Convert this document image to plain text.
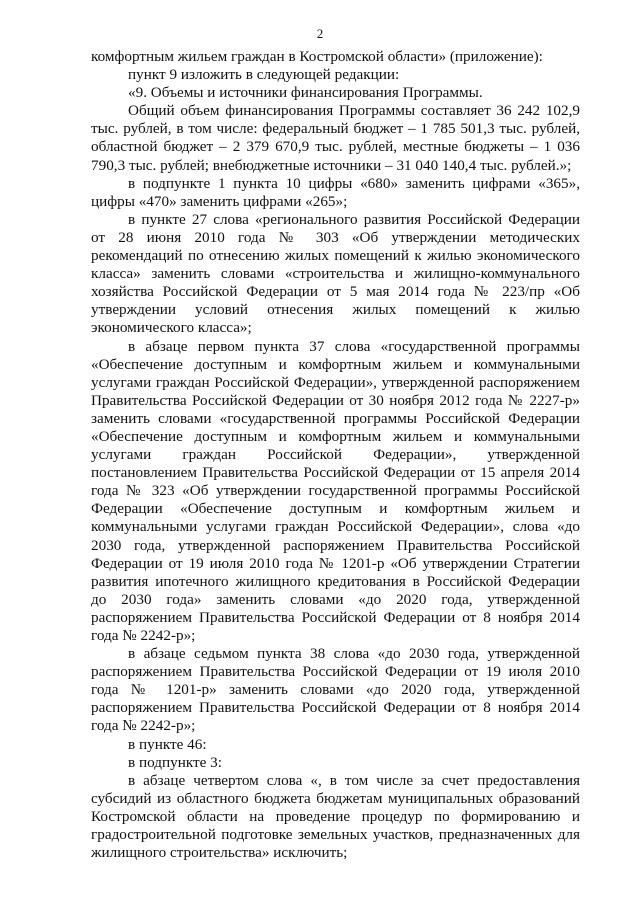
2

комфортным жильем граждан в Костромской области» (приложение):

пункт 9 изложить в следующей редакции:

«9. Объемы и источники финансирования Программы.

Общий объем финансирования Программы составляет 36 242 102,9 тыс. рублей, в том числе: федеральный бюджет – 1 785 501,3 тыс. рублей, областной бюджет – 2 379 670,9 тыс. рублей, местные бюджеты – 1 036 790,3 тыс. рублей; внебюджетные источники – 31 040 140,4 тыс. рублей.»;

в подпункте 1 пункта 10 цифры «680» заменить цифрами «365», цифры «470» заменить цифрами «265»;

в пункте 27 слова «регионального развития Российской Федерации от 28 июня 2010 года № 303 «Об утверждении методических рекомендаций по отнесению жилых помещений к жилью экономического класса» заменить словами «строительства и жилищно-коммунального хозяйства Российской Федерации от 5 мая 2014 года № 223/пр «Об утверждении условий отнесения жилых помещений к жилью экономического класса»;

в абзаце первом пункта 37 слова «государственной программы «Обеспечение доступным и комфортным жильем и коммунальными услугами граждан Российской Федерации», утвержденной распоряжением Правительства Российской Федерации от 30 ноября 2012 года № 2227-р» заменить словами «государственной программы Российской Федерации «Обеспечение доступным и комфортным жильем и коммунальными услугами граждан Российской Федерации», утвержденной постановлением Правительства Российской Федерации от 15 апреля 2014 года № 323 «Об утверждении государственной программы Российской Федерации «Обеспечение доступным и комфортным жильем и коммунальными услугами граждан Российской Федерации», слова «до 2030 года, утвержденной распоряжением Правительства Российской Федерации от 19 июля 2010 года № 1201-р «Об утверждении Стратегии развития ипотечного жилищного кредитования в Российской Федерации до 2030 года» заменить словами «до 2020 года, утвержденной распоряжением Правительства Российской Федерации от 8 ноября 2014 года № 2242-р»;

в абзаце седьмом пункта 38 слова «до 2030 года, утвержденной распоряжением Правительства Российской Федерации от 19 июля 2010 года № 1201-р» заменить словами «до 2020 года, утвержденной распоряжением Правительства Российской Федерации от 8 ноября 2014 года № 2242-р»;

в пункте 46:

в подпункте 3:

в абзаце четвертом слова «, в том числе за счет предоставления субсидий из областного бюджета бюджетам муниципальных образований Костромской области на проведение процедур по формированию и градостроительной подготовке земельных участков, предназначенных для жилищного строительства» исключить;
